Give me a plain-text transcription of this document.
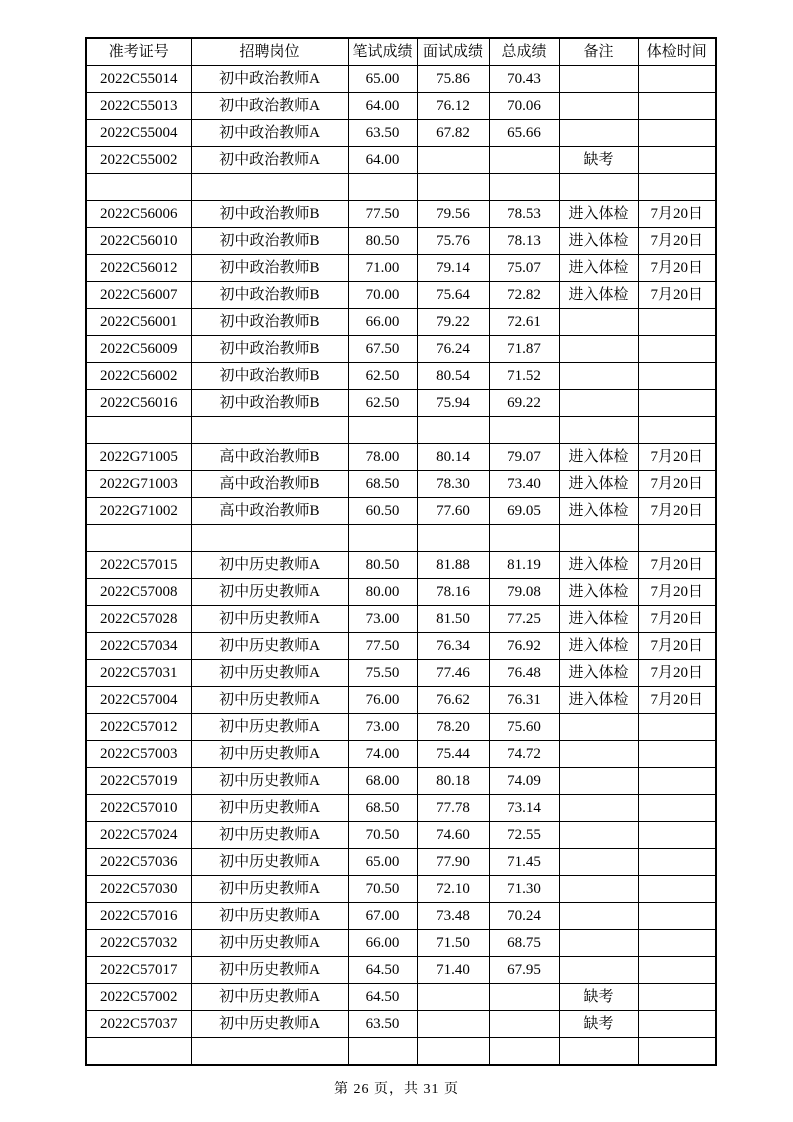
准考证号	招聘岗位	笔试成绩	面试成绩	总成绩	备注	体检时间
2022C55014	初中政治教师A	65.00	75.86	70.43		
2022C55013	初中政治教师A	64.00	76.12	70.06		
2022C55004	初中政治教师A	63.50	67.82	65.66		
2022C55002	初中政治教师A	64.00			缺考	

2022C56006	初中政治教师B	77.50	79.56	78.53	进入体检	7月20日
2022C56010	初中政治教师B	80.50	75.76	78.13	进入体检	7月20日
2022C56012	初中政治教师B	71.00	79.14	75.07	进入体检	7月20日
2022C56007	初中政治教师B	70.00	75.64	72.82	进入体检	7月20日
2022C56001	初中政治教师B	66.00	79.22	72.61		
2022C56009	初中政治教师B	67.50	76.24	71.87		
2022C56002	初中政治教师B	62.50	80.54	71.52		
2022C56016	初中政治教师B	62.50	75.94	69.22		

2022G71005	高中政治教师B	78.00	80.14	79.07	进入体检	7月20日
2022G71003	高中政治教师B	68.50	78.30	73.40	进入体检	7月20日
2022G71002	高中政治教师B	60.50	77.60	69.05	进入体检	7月20日

2022C57015	初中历史教师A	80.50	81.88	81.19	进入体检	7月20日
2022C57008	初中历史教师A	80.00	78.16	79.08	进入体检	7月20日
2022C57028	初中历史教师A	73.00	81.50	77.25	进入体检	7月20日
2022C57034	初中历史教师A	77.50	76.34	76.92	进入体检	7月20日
2022C57031	初中历史教师A	75.50	77.46	76.48	进入体检	7月20日
2022C57004	初中历史教师A	76.00	76.62	76.31	进入体检	7月20日
2022C57012	初中历史教师A	73.00	78.20	75.60		
2022C57003	初中历史教师A	74.00	75.44	74.72		
2022C57019	初中历史教师A	68.00	80.18	74.09		
2022C57010	初中历史教师A	68.50	77.78	73.14		
2022C57024	初中历史教师A	70.50	74.60	72.55		
2022C57036	初中历史教师A	65.00	77.90	71.45		
2022C57030	初中历史教师A	70.50	72.10	71.30		
2022C57016	初中历史教师A	67.00	73.48	70.24		
2022C57032	初中历史教师A	66.00	71.50	68.75		
2022C57017	初中历史教师A	64.50	71.40	67.95		
2022C57002	初中历史教师A	64.50			缺考	
2022C57037	初中历史教师A	63.50			缺考	

第 26 页，共 31 页
